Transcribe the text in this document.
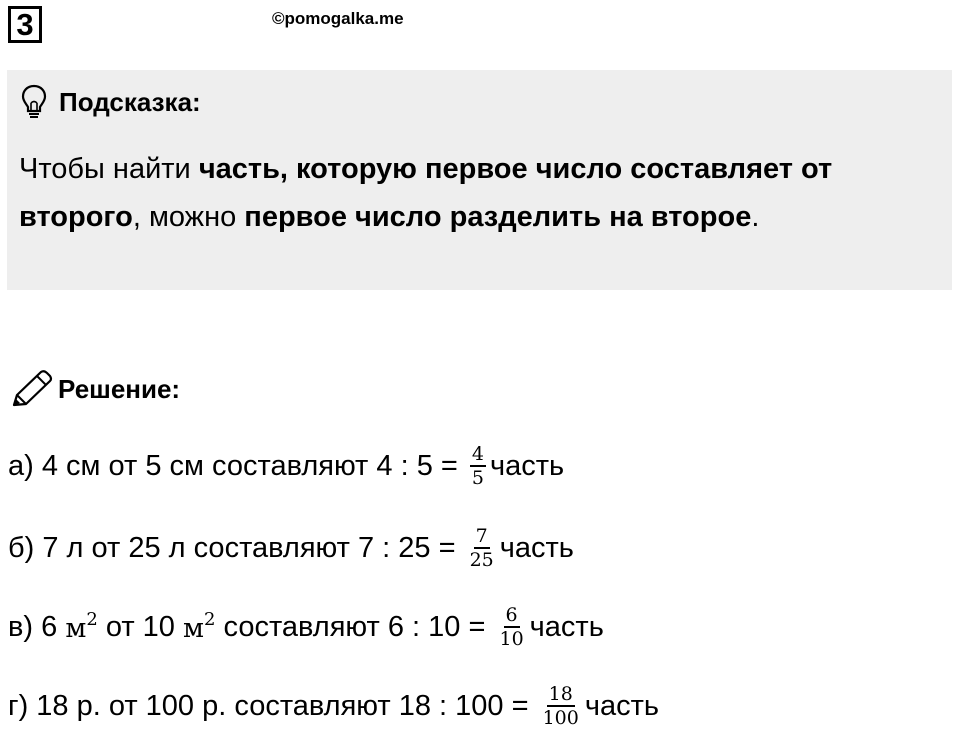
3	©pomogalka.me
Подсказка:
Чтобы найти часть, которую первое число составляет от второго, можно первое число разделить на второе.
Решение:
а) 4 см от 5 см составляют 4 : $5 = \frac{4}{5}$ часть
б) 7 л от 25 л составляют 7 : $25 = \frac{7}{25}$ часть
в) 6 $м^2$ от 10 $м^2$ составляют 6 : $10 = \frac{6}{10}$ часть
г) 18 р. от 100 р. составляют 18 : $100 = \frac{18}{100}$ часть
